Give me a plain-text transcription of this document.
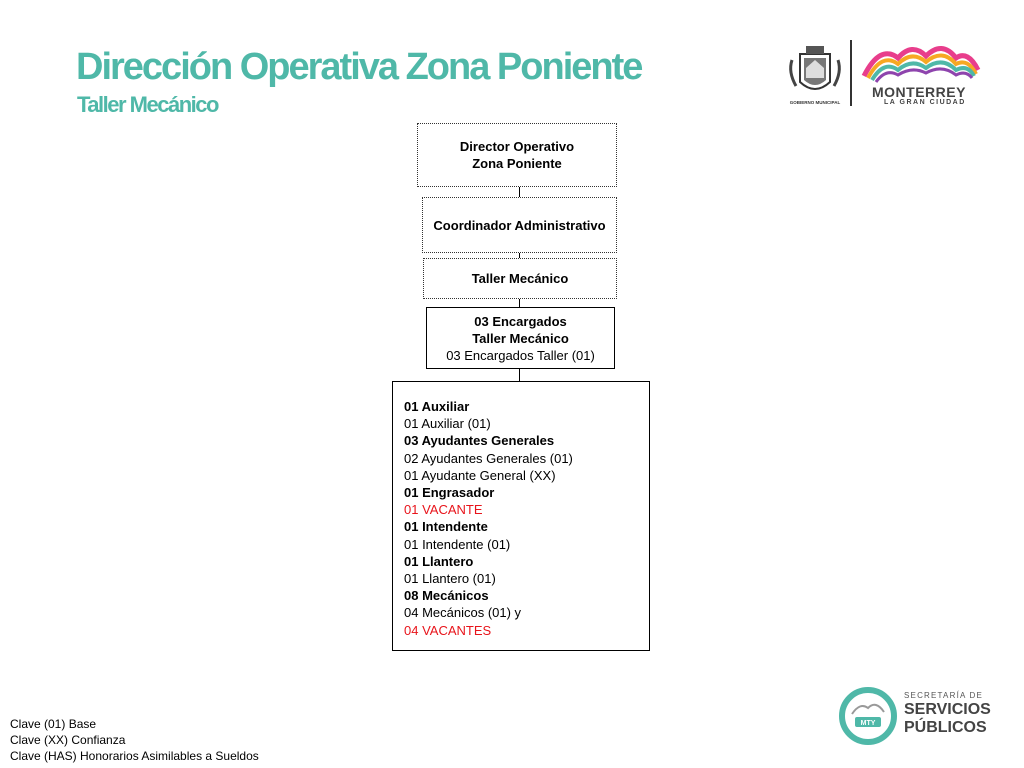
Dirección Operativa Zona Poniente
Taller Mecánico	GOBIERNO MUNICIPAL
MONTERREY
LA GRAN CIUDAD
Director Operativo
Zona Poniente
Coordinador Administrativo
Taller Mecánico
03 Encargados
Taller Mecánico
03 Encargados Taller (01)
01 Auxiliar
01 Auxiliar (01)
03 Ayudantes Generales
02 Ayudantes Generales (01)
01 Ayudante General (XX)
01 Engrasador
01 VACANTE
01 Intendente
01 Intendente (01)
01 Llantero
01 Llantero (01)
08 Mecánicos
04 Mecánicos (01) y
04 VACANTES
Clave (01) Base
Clave (XX) Confianza
Clave (HAS) Honorarios Asimilables a Sueldos
MTY
SECRETARÍA DE
SERVICIOS
PÚBLICOS
